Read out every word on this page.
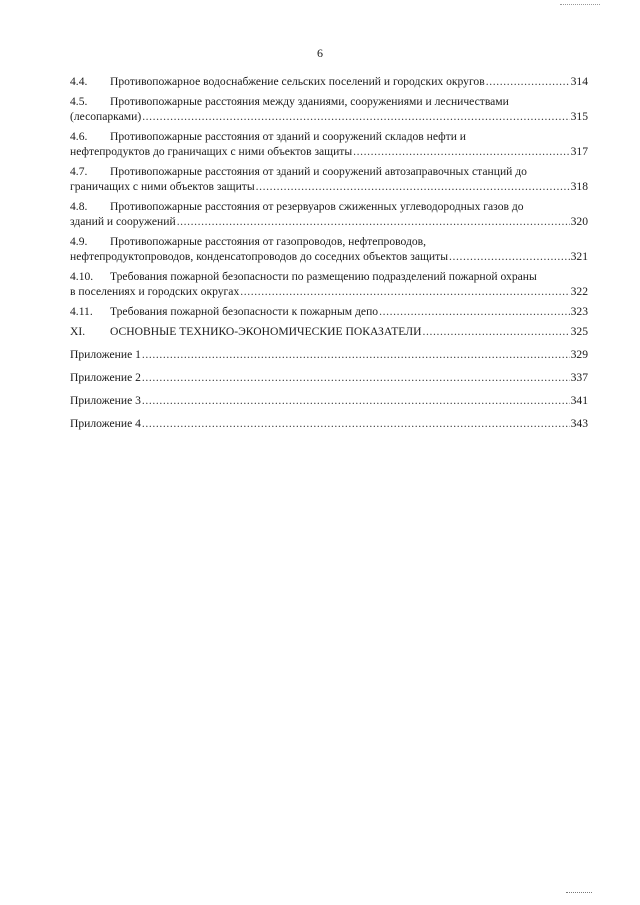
6
4.4.	Противопожарное водоснабжение сельских поселений и городских округов .....	314
4.5.	Противопожарные расстояния между зданиями, сооружениями и лесничествами
(лесопарками) .....	315
4.6.	Противопожарные расстояния от зданий и сооружений складов нефти и
нефтепродуктов до граничащих с ними объектов защиты .....	317
4.7.	Противопожарные расстояния от зданий и сооружений автозаправочных станций до
граничащих с ними объектов защиты .....	318
4.8.	Противопожарные расстояния от резервуаров сжиженных углеводородных газов до
зданий и сооружений .....	320
4.9.	Противопожарные расстояния от газопроводов, нефтепроводов,
нефтепродуктопроводов, конденсатопроводов до соседних объектов защиты .....	321
4.10.	Требования пожарной безопасности по размещению подразделений пожарной охраны
в поселениях и городских округах .....	322
4.11.	Требования пожарной безопасности к пожарным депо .....	323
XI.	ОСНОВНЫЕ ТЕХНИКО-ЭКОНОМИЧЕСКИЕ ПОКАЗАТЕЛИ .....	325
Приложение 1 .....	329
Приложение 2 .....	337
Приложение 3 .....	341
Приложение 4 .....	343
